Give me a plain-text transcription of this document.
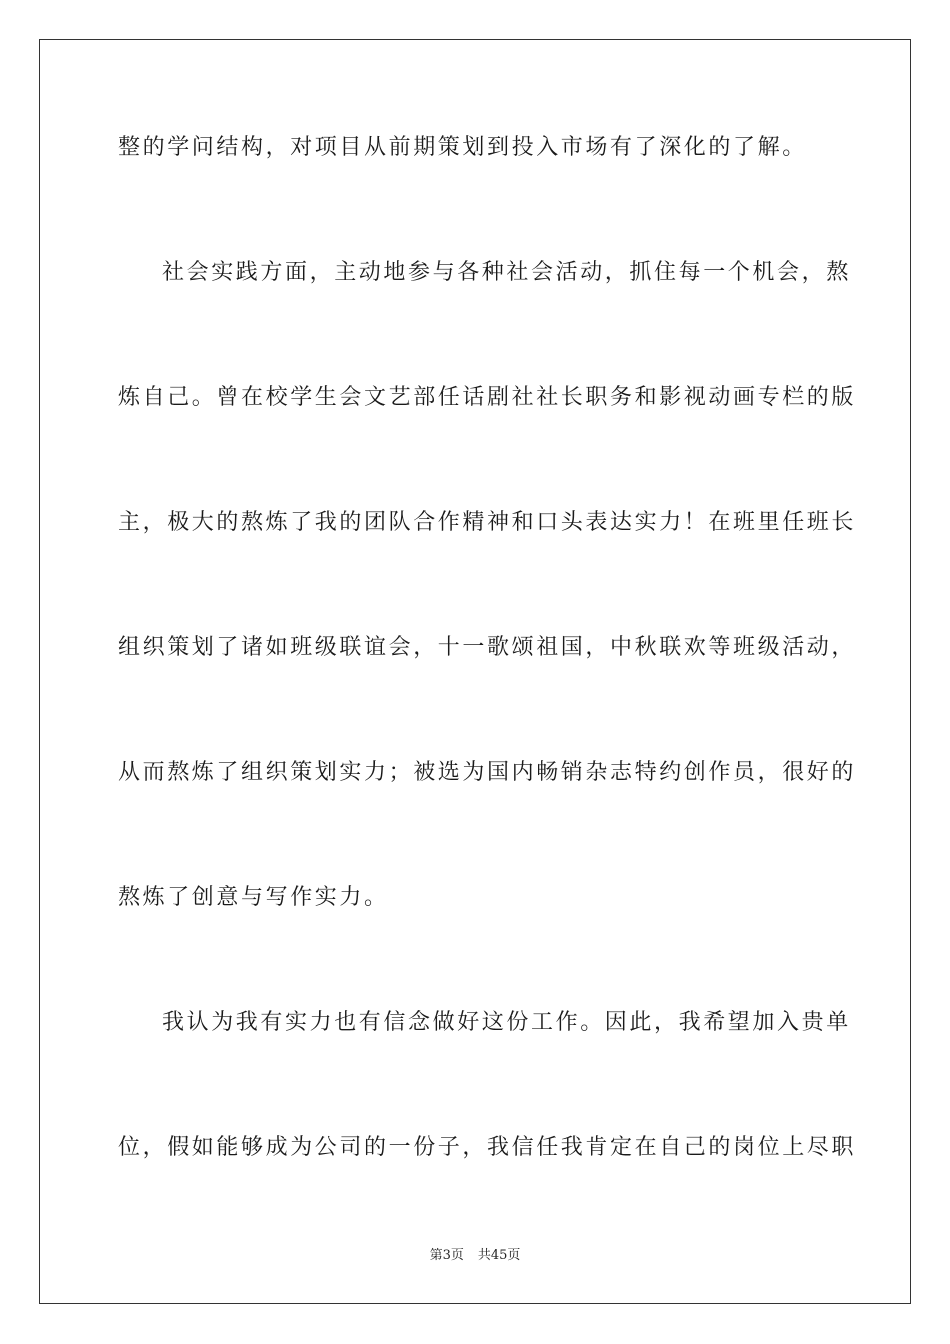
整的学问结构，对项目从前期策划到投入市场有了深化的了解。
社会实践方面，主动地参与各种社会活动，抓住每一个机会，熬
炼自己。曾在校学生会文艺部任话剧社社长职务和影视动画专栏的版
主，极大的熬炼了我的团队合作精神和口头表达实力！在班里任班长
组织策划了诸如班级联谊会，十一歌颂祖国，中秋联欢等班级活动，
从而熬炼了组织策划实力；被选为国内畅销杂志特约创作员，很好的
熬炼了创意与写作实力。
我认为我有实力也有信念做好这份工作。因此，我希望加入贵单
位，假如能够成为公司的一份子，我信任我肯定在自己的岗位上尽职
第3页 共45页
